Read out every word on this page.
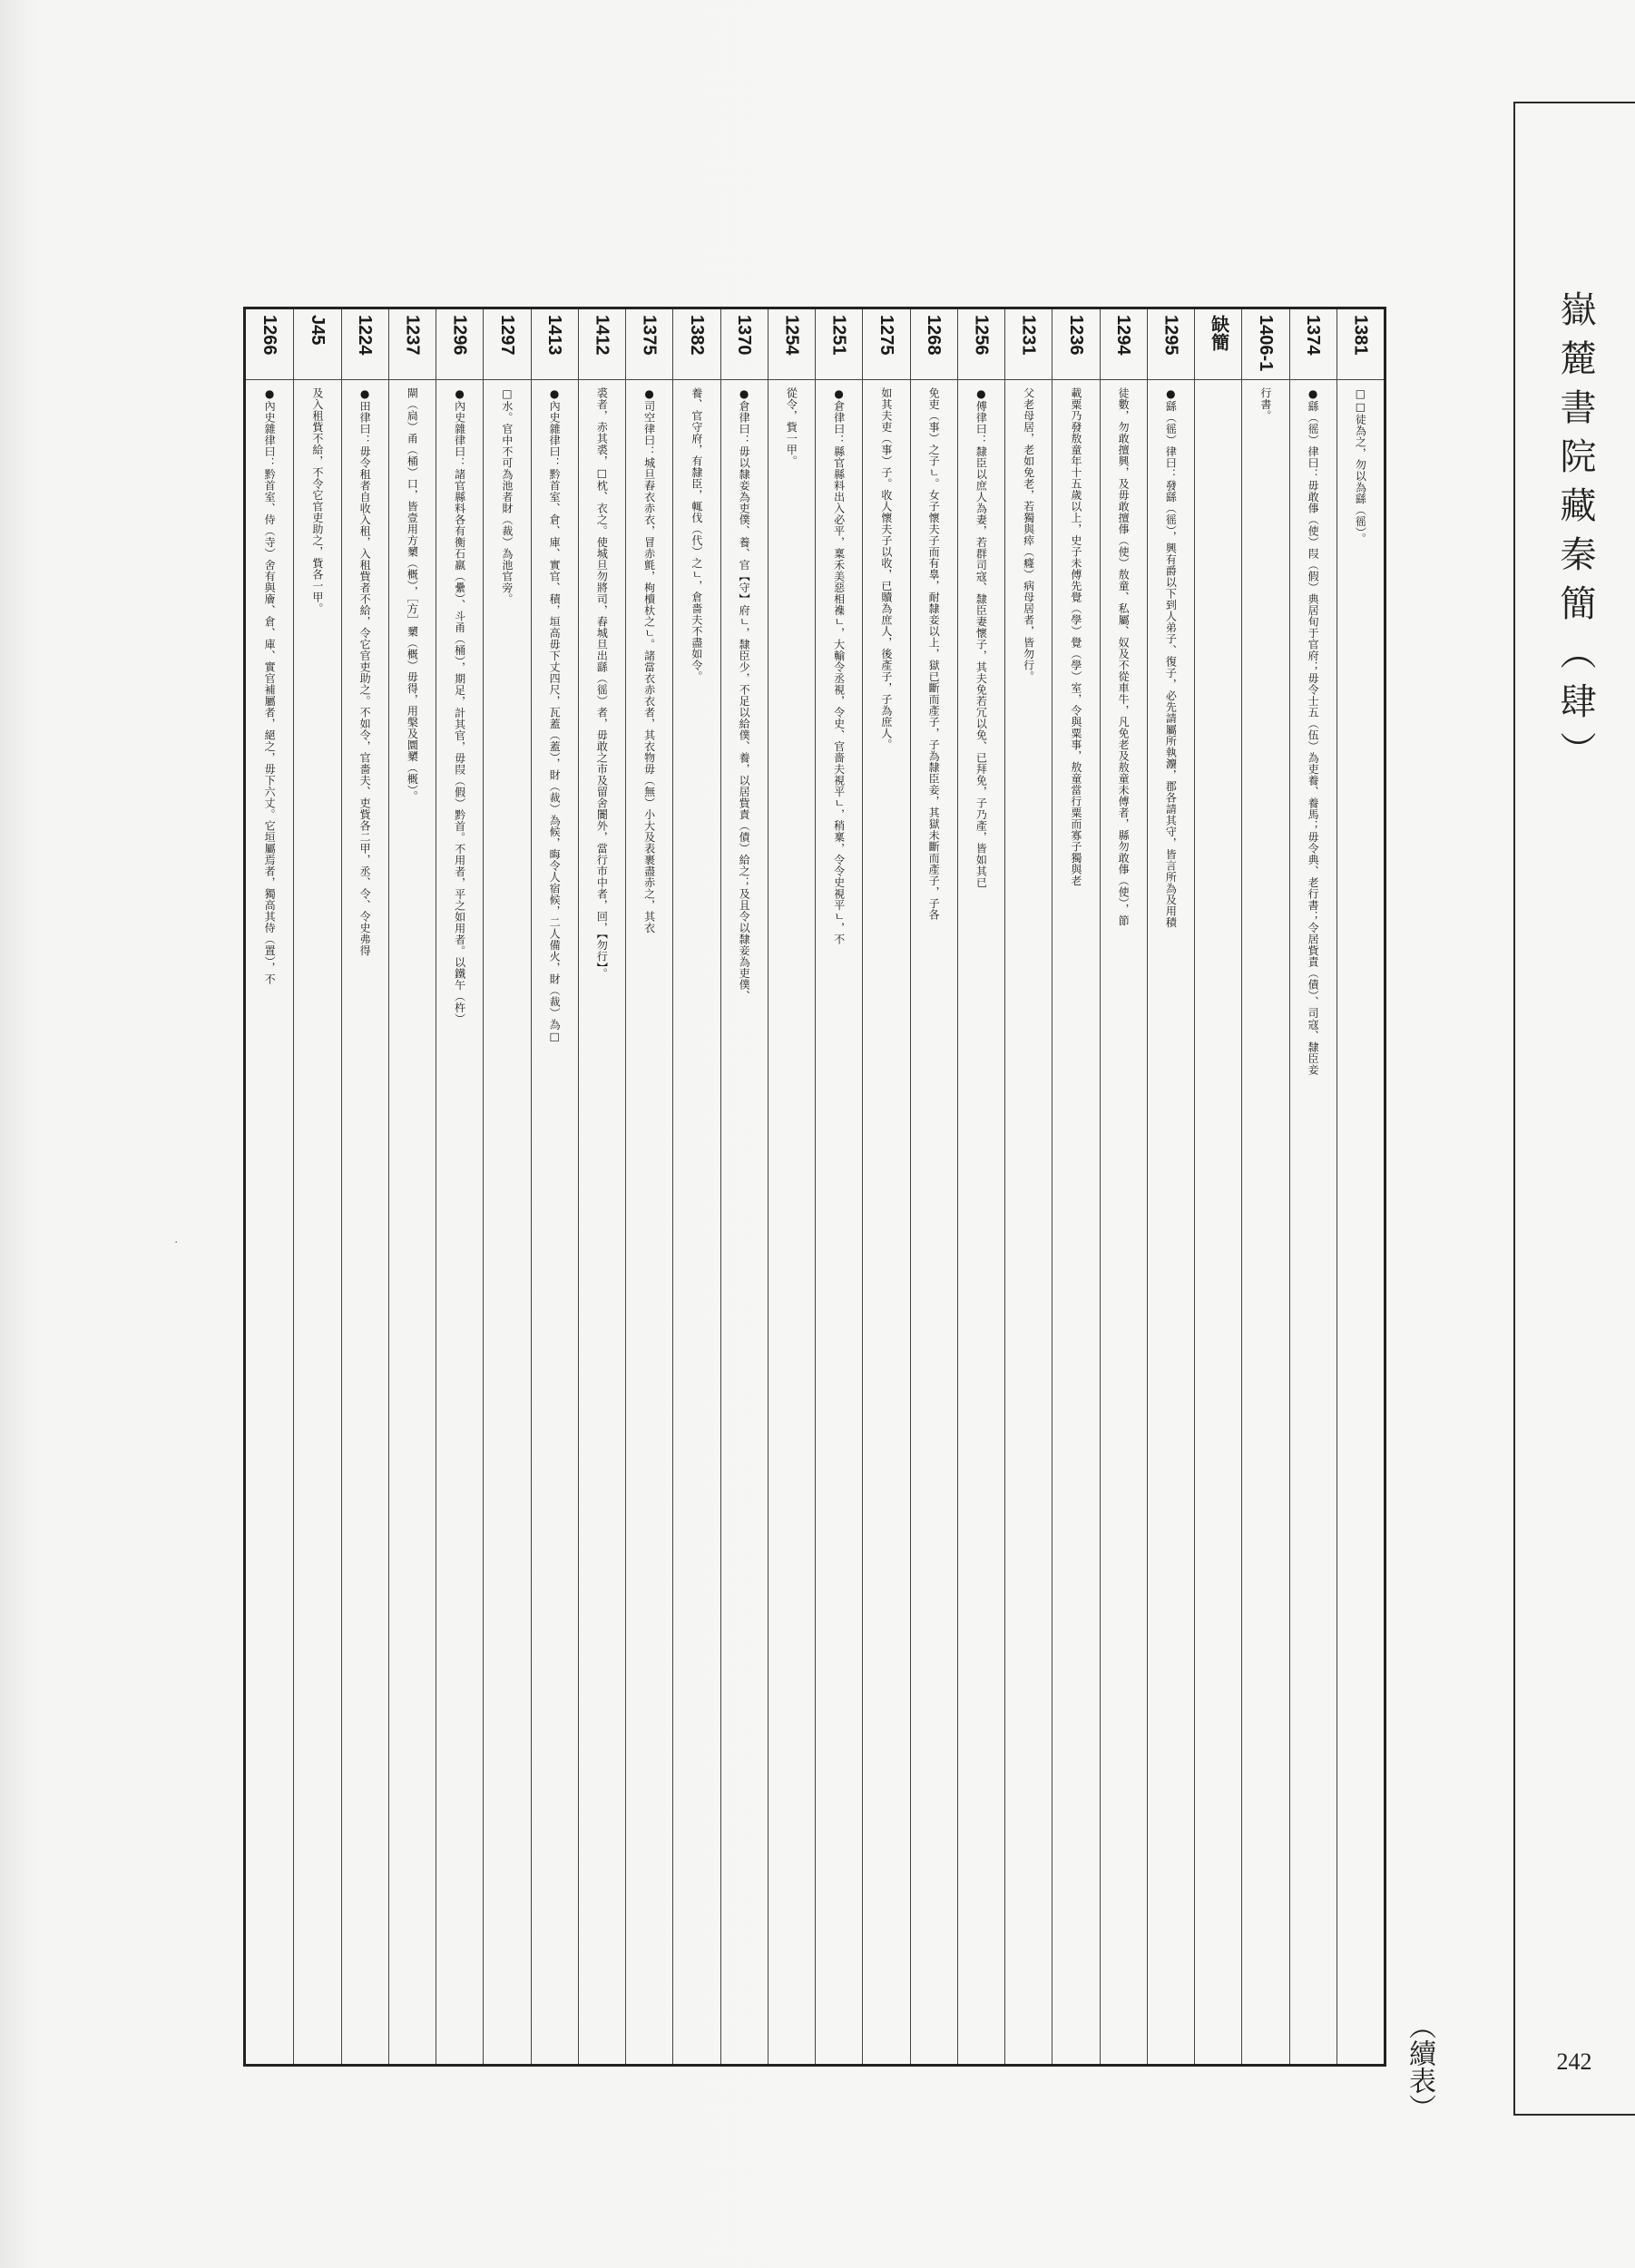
嶽麓書院藏秦簡（肆）
242
（續表）
·
1381
□□徒為之，勿以為繇（徭）。
1374
●繇（徭）律曰：毋敢倳（使）叚（假）典居旬于官府；毋令士五（伍）為吏養、養馬；毋令典、老行書；令居貲責（債）、司寇、隸臣妾
1406-1
行書。
缺簡
1295
●繇（徭）律曰：發繇（徭），興有爵以下到人弟子、復子，必先請屬所執灋，郡各請其守，皆言所為及用積
1294
徒數，勿敢擅興，及毋敢擅倳（使）敖童、私屬、奴及不從車牛，凡免老及敖童未傅者，縣勿敢倳（使），節
1236
載粟乃發敖童年十五歲以上，史子未傅先覺（學）覺（學）室，令與粟事，敖童當行粟而寡子獨與老
1231
父老母居，老如免老，若獨與瘁（癃）病母居者，皆勿行。
1256
●傅律曰：隸臣以庶人為妻，若群司寇、隸臣妻懷子，其夫免若冗以免、已拜免，子乃產，皆如其已
1268
免吏（事）之子ㄴ。女子懷夫子而有辠，耐隸妾以上，獄已斷而產子，子為隸臣妾，其獄未斷而產子，子各
1275
如其夫吏（事）子。收人懷夫子以收，已贖為庶人，後產子，子為庶人。
1251
●倉律曰：縣官縣料出入必平，稟禾美惡相襍ㄴ，大輸令丞視，令史、官嗇夫視平ㄴ，稍稟，令令史視平ㄴ，不
1254
從令，貲一甲。
1370
●倉律曰：毋以隸妾為吏僕、養、官【守】府ㄴ，隸臣少，不足以給僕、養，以居貲責（債）給之；及且令以隸妾為吏僕、
1382
養、官守府，有隸臣，輒伐（代）之ㄴ，倉嗇夫不盡如令。
1375
●司空律曰：城旦舂衣赤衣，冒赤氈，枸櫝杕之ㄴ。諸當衣赤衣者，其衣物毋（無）小大及表裹盡赤之，其衣
1412
裘者，赤其裘，□枕、衣之。使城旦勿將司，舂城旦出繇（徭）者，毋敢之市及留舍闠外，當行市中者，回，【勿行】。
1413
●內史雜律曰：黔首室、倉、庫、實官、積，垣高毋下丈四尺，瓦蓋（蓋），財（裁）為候，晦令人宿候，二人備火，財（裁）為□
1297
□水。官中不可為池者財（裁）為池官旁。
1296
●內史雜律曰：諸官縣料各有衡石羸（纍）、斗甬（桶），期足，計其官，毋叚（假）黔首。不用者，平之如用者。以鐵午（杵）
1237
閘（扃）甬（桶）口，皆壹用方櫫（概），［方］櫫（概）毋得，用槃及圜櫫（概）。
1224
●田律曰：毋令租者自收入租，入租貲者不給，令它官吏助之。不如令，官嗇夫、吏貲各二甲，丞、令、令史弗得
J45
及入租貲不給，不令它官吏助之，貲各一甲。
1266
●內史雜律曰：黔首室、侍（寺）舍有與廥、倉、庫、實官補屬者，絕之，毋下六丈。它垣屬焉者，獨高其侍（置），不
